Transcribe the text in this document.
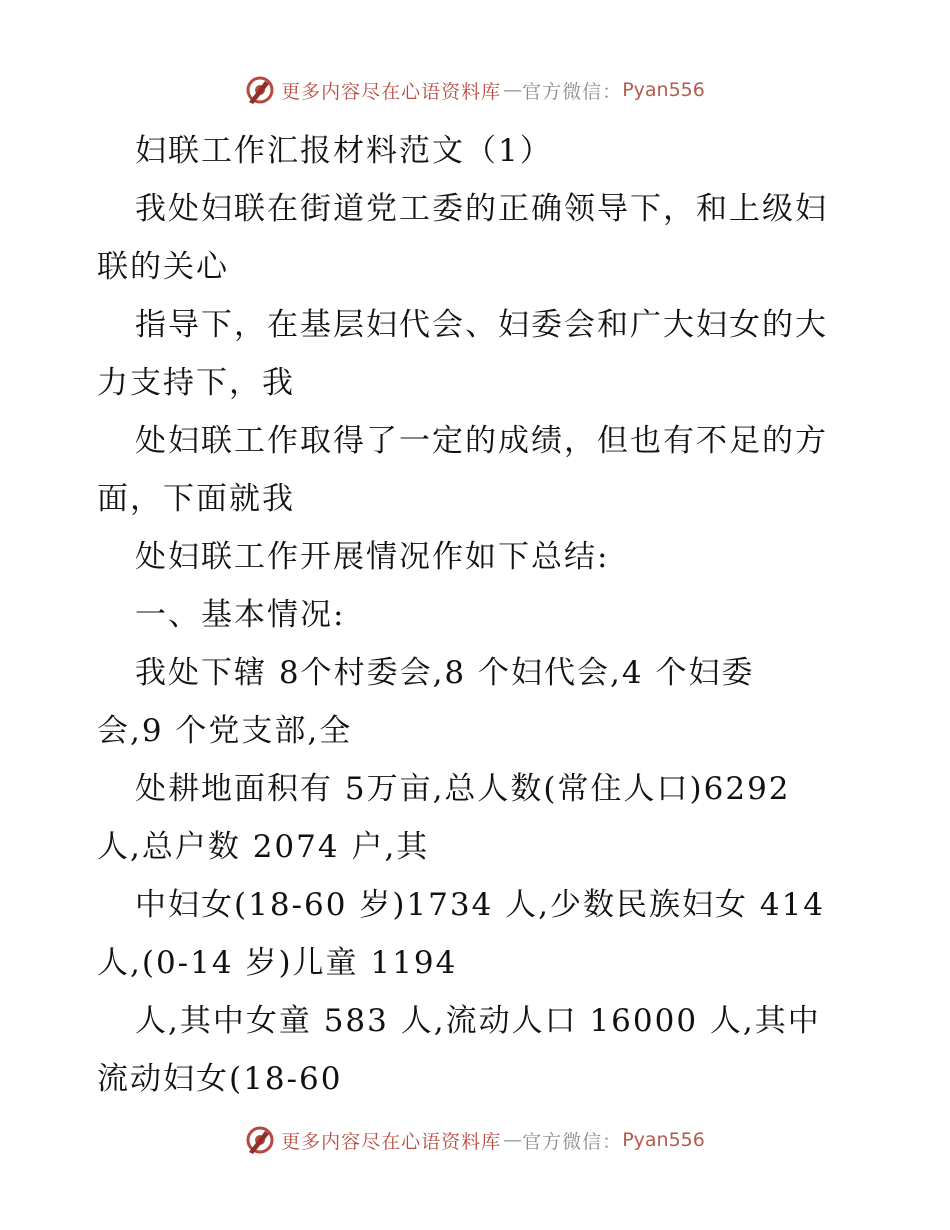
更多内容尽在心语资料库 — 官方微信： Pyan556
妇联工作汇报材料范文（1）
我处妇联在街道党工委的正确领导下，和上级妇
联的关心
指导下，在基层妇代会、妇委会和广大妇女的大
力支持下，我
处妇联工作取得了一定的成绩，但也有不足的方
面，下面就我
处妇联工作开展情况作如下总结:
一、基本情况:
我处下辖 8个村委会,8 个妇代会,4 个妇委
会,9 个党支部,全
处耕地面积有 5万亩,总人数(常住人口)6292
人,总户数 2074 户,其
中妇女(18-60 岁)1734 人,少数民族妇女 414
人,(0-14 岁)儿童 1194
人,其中女童 583 人,流动人口 16000 人,其中
流动妇女(18-60
更多内容尽在心语资料库 — 官方微信： Pyan556
